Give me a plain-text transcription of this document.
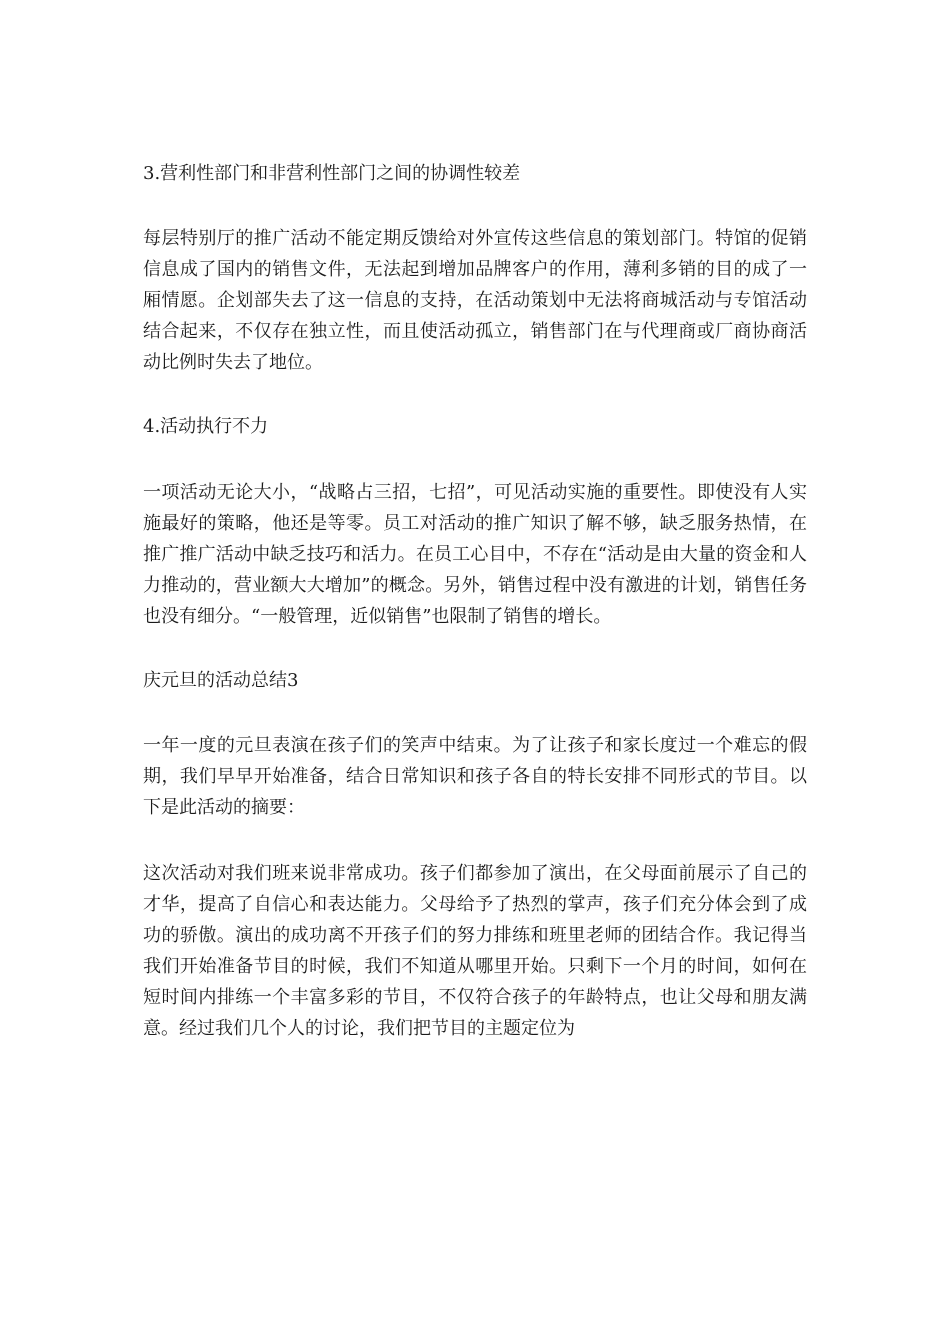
3.营利性部门和非营利性部门之间的协调性较差

每层特别厅的推广活动不能定期反馈给对外宣传这些信息的策划部门。特馆的促销信息成了国内的销售文件，无法起到增加品牌客户的作用，薄利多销的目的成了一厢情愿。企划部失去了这一信息的支持，在活动策划中无法将商城活动与专馆活动结合起来，不仅存在独立性，而且使活动孤立，销售部门在与代理商或厂商协商活动比例时失去了地位。

4.活动执行不力

一项活动无论大小，“战略占三招，七招”，可见活动实施的重要性。即使没有人实施最好的策略，他还是等零。员工对活动的推广知识了解不够，缺乏服务热情，在推广推广活动中缺乏技巧和活力。在员工心目中，不存在“活动是由大量的资金和人力推动的，营业额大大增加”的概念。另外，销售过程中没有激进的计划，销售任务也没有细分。“一般管理，近似销售”也限制了销售的增长。

庆元旦的活动总结3

一年一度的元旦表演在孩子们的笑声中结束。为了让孩子和家长度过一个难忘的假期，我们早早开始准备，结合日常知识和孩子各自的特长安排不同形式的节目。以下是此活动的摘要：

这次活动对我们班来说非常成功。孩子们都参加了演出，在父母面前展示了自己的才华，提高了自信心和表达能力。父母给予了热烈的掌声，孩子们充分体会到了成功的骄傲。演出的成功离不开孩子们的努力排练和班里老师的团结合作。我记得当我们开始准备节目的时候，我们不知道从哪里开始。只剩下一个月的时间，如何在短时间内排练一个丰富多彩的节目，不仅符合孩子的年龄特点，也让父母和朋友满意。经过我们几个人的讨论，我们把节目的主题定位为
